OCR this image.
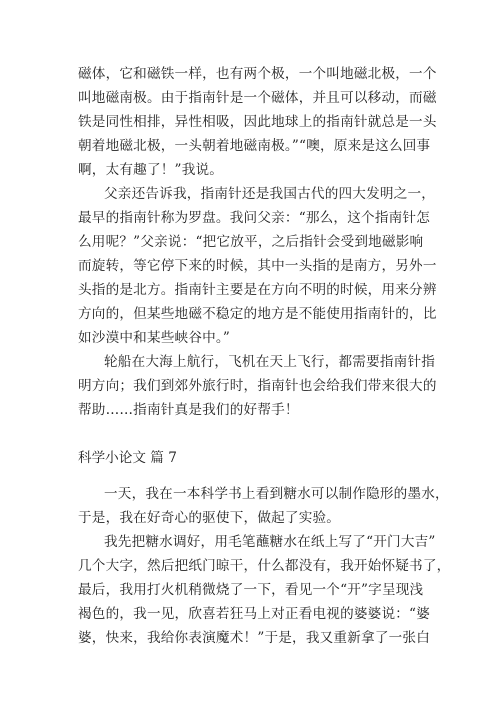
磁体，它和磁铁一样，也有两个极，一个叫地磁北极，一个
叫地磁南极。由于指南针是一个磁体，并且可以移动，而磁
铁是同性相排，异性相吸，因此地球上的指南针就总是一头
朝着地磁北极，一头朝着地磁南极。”“噢，原来是这么回事
啊，太有趣了！”我说。
父亲还告诉我，指南针还是我国古代的四大发明之一，
最早的指南针称为罗盘。我问父亲：“那么，这个指南针怎
么用呢？”父亲说：“把它放平，之后指针会受到地磁影响
而旋转，等它停下来的时候，其中一头指的是南方，另外一
头指的是北方。指南针主要是在方向不明的时候，用来分辨
方向的，但某些地磁不稳定的地方是不能使用指南针的，比
如沙漠中和某些峡谷中。”
轮船在大海上航行，飞机在天上飞行，都需要指南针指
明方向；我们到郊外旅行时，指南针也会给我们带来很大的
帮助……指南针真是我们的好帮手！
科学小论文 篇 7
一天，我在一本科学书上看到糖水可以制作隐形的墨水，
于是，我在好奇心的驱使下，做起了实验。
我先把糖水调好，用毛笔蘸糖水在纸上写了“开门大吉”
几个大字，然后把纸门晾干，什么都没有，我开始怀疑书了，
最后，我用打火机稍微烧了一下，看见一个“开”字呈现浅
褐色的，我一见，欣喜若狂马上对正看电视的婆婆说：“婆
婆，快来，我给你表演魔术！”于是，我又重新拿了一张白
